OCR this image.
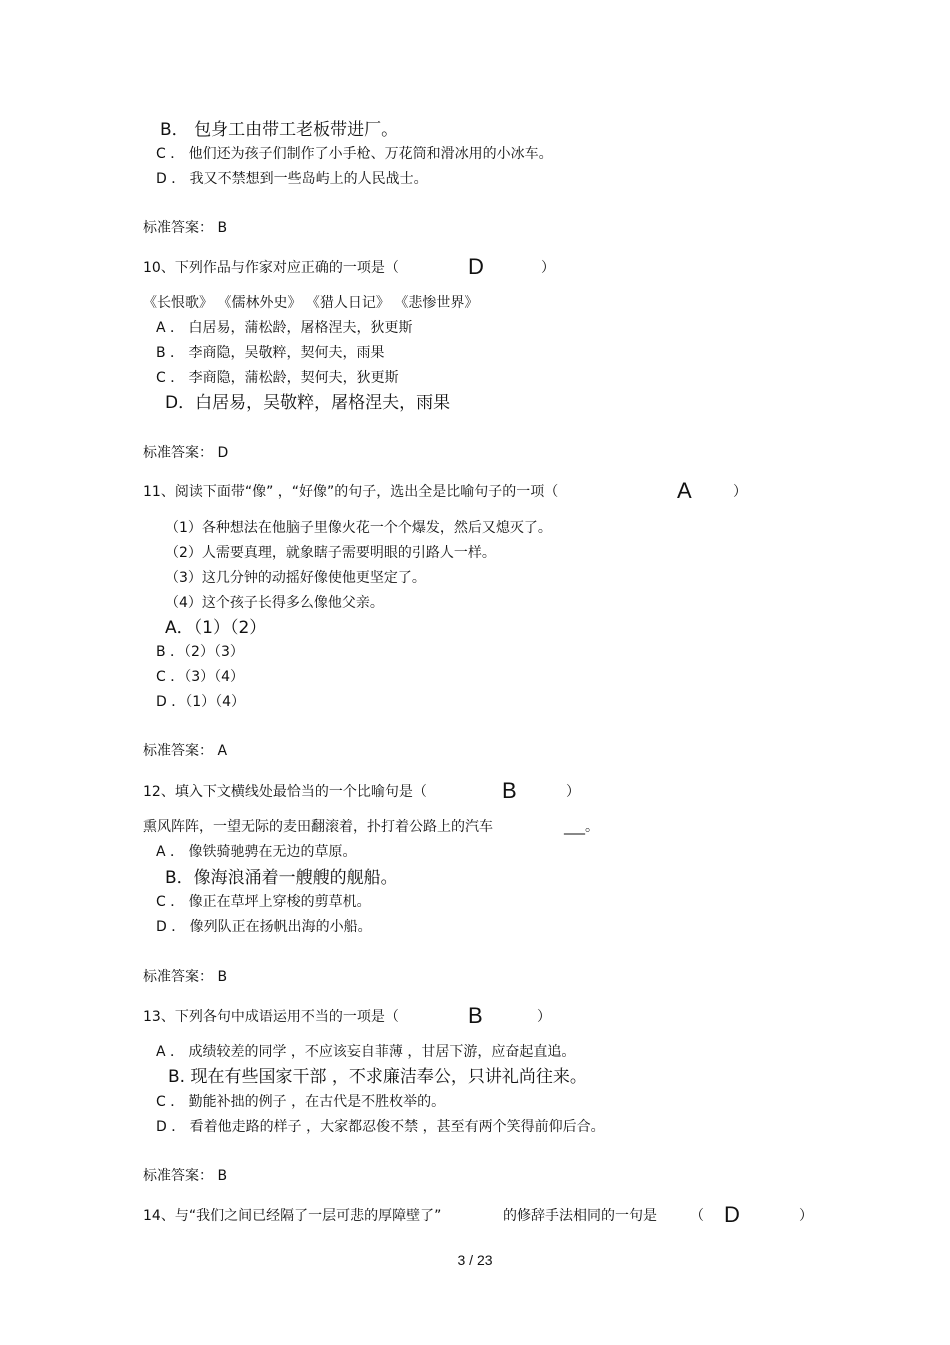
B． 包身工由带工老板带进厂。
C ． 他们还为孩子们制作了小手枪、万花筒和滑冰用的小冰车。
D ． 我又不禁想到一些岛屿上的人民战士。
标准答案： B
10、下列作品与作家对应正确的一项是（	D	）
《长恨歌》 《儒林外史》 《猎人日记》 《悲惨世界》
A ． 白居易，蒲松龄，屠格涅夫，狄更斯
B ． 李商隐，吴敬粹，契何夫，雨果
C ． 李商隐，蒲松龄，契何夫，狄更斯
D．白居易，吴敬粹，屠格涅夫，雨果
标准答案： D
11、阅读下面带“像” ，“好像”的句子，选出全是比喻句子的一项（	A	）
（1）各种想法在他脑子里像火花一个个爆发，然后又熄灭了。
（2）人需要真理，就象瞎子需要明眼的引路人一样。
（3）这几分钟的动摇好像使他更坚定了。
（4）这个孩子长得多么像他父亲。
A．（1）（2）
B ．（2）（3）
C ．（3）（4）
D ．（1）（4）
标准答案： A
12、填入下文横线处最恰当的一个比喻句是（	B	）
熏风阵阵，一望无际的麦田翻滚着，扑打着公路上的汽车	___。
A ． 像铁骑驰骋在无边的草原。
B．像海浪涌着一艘艘的舰船。
C ． 像正在草坪上穿梭的剪草机。
D ． 像列队正在扬帆出海的小船。
标准答案： B
13、下列各句中成语运用不当的一项是（	B	）
A ． 成绩较差的同学 ，不应该妄自菲薄 ，甘居下游，应奋起直追。
B. 现在有些国家干部 ，不求廉洁奉公，只讲礼尚往来。
C ． 勤能补拙的例子 ，在古代是不胜枚举的。
D ． 看着他走路的样子 ，大家都忍俊不禁 ，甚至有两个笑得前仰后合。
标准答案： B
14、与“我们之间已经隔了一层可悲的厚障壁了”	的修辞手法相同的一句是 （ D	）
3 / 23
